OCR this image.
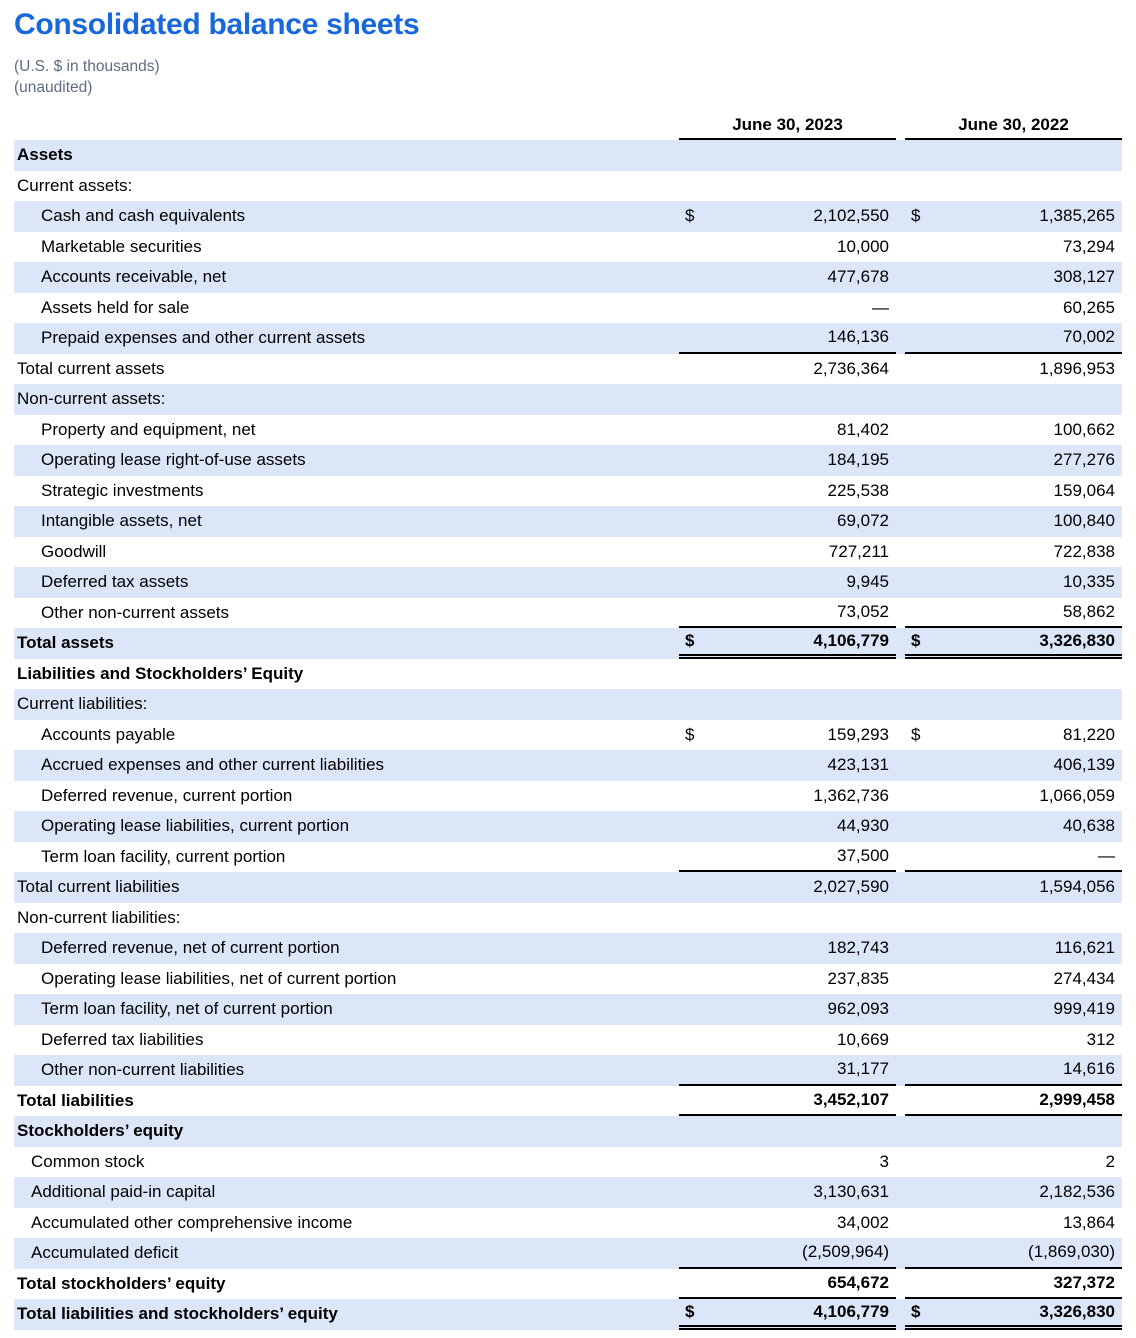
Consolidated balance sheets
(U.S. $ in thousands)
(unaudited)
June 30, 2023	June 30, 2022
Assets
Current assets:
Cash and cash equivalents	$	2,102,550	$	1,385,265
Marketable securities	10,000	73,294
Accounts receivable, net	477,678	308,127
Assets held for sale	—	60,265
Prepaid expenses and other current assets	146,136	70,002
Total current assets	2,736,364	1,896,953
Non-current assets:
Property and equipment, net	81,402	100,662
Operating lease right-of-use assets	184,195	277,276
Strategic investments	225,538	159,064
Intangible assets, net	69,072	100,840
Goodwill	727,211	722,838
Deferred tax assets	9,945	10,335
Other non-current assets	73,052	58,862
Total assets	$	4,106,779	$	3,326,830
Liabilities and Stockholders’ Equity
Current liabilities:
Accounts payable	$	159,293	$	81,220
Accrued expenses and other current liabilities	423,131	406,139
Deferred revenue, current portion	1,362,736	1,066,059
Operating lease liabilities, current portion	44,930	40,638
Term loan facility, current portion	37,500	—
Total current liabilities	2,027,590	1,594,056
Non-current liabilities:
Deferred revenue, net of current portion	182,743	116,621
Operating lease liabilities, net of current portion	237,835	274,434
Term loan facility, net of current portion	962,093	999,419
Deferred tax liabilities	10,669	312
Other non-current liabilities	31,177	14,616
Total liabilities	3,452,107	2,999,458
Stockholders’ equity
Common stock	3	2
Additional paid-in capital	3,130,631	2,182,536
Accumulated other comprehensive income	34,002	13,864
Accumulated deficit	(2,509,964)	(1,869,030)
Total stockholders’ equity	654,672	327,372
Total liabilities and stockholders’ equity	$	4,106,779	$	3,326,830
